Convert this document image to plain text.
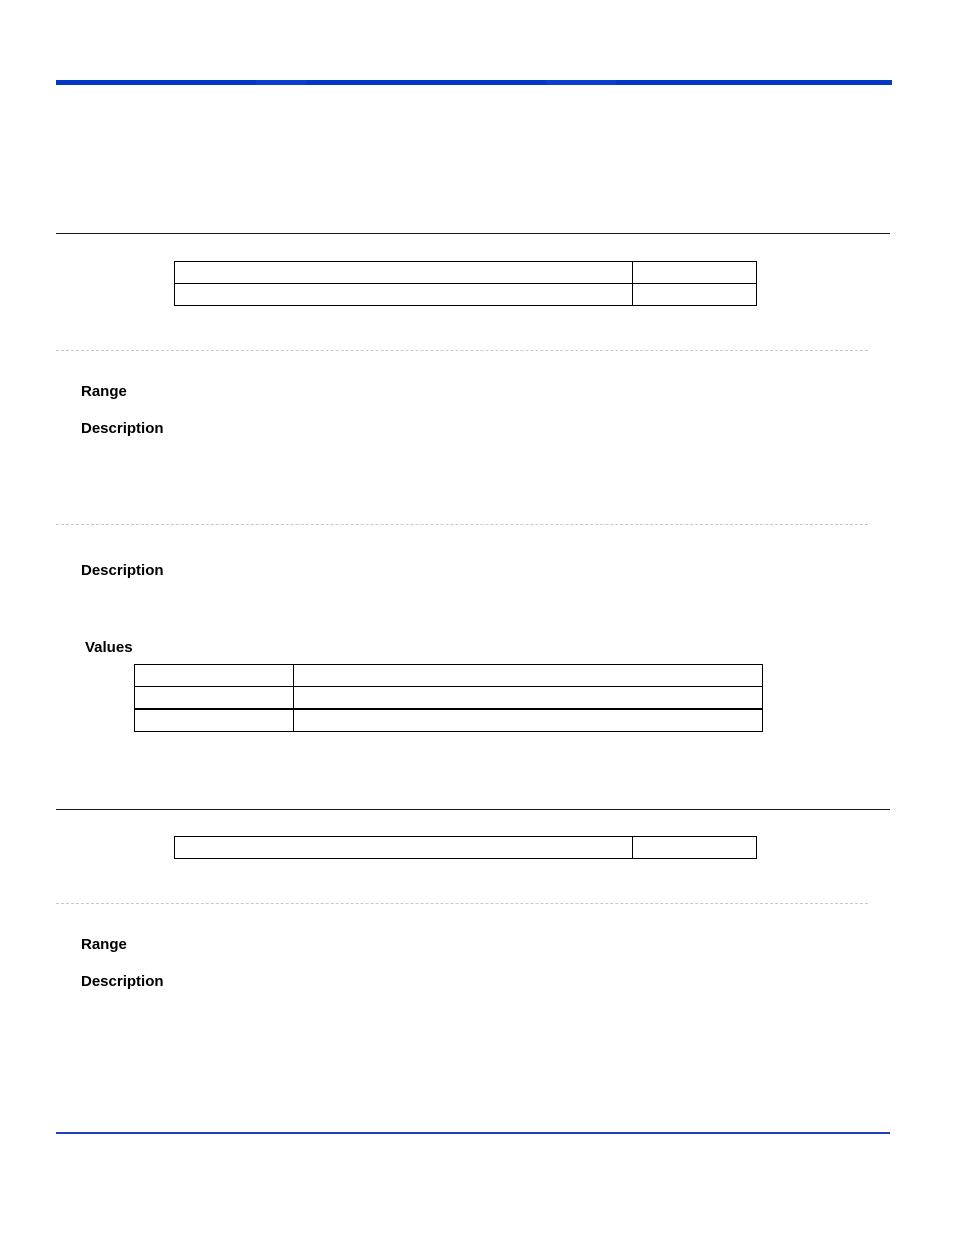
Range
Description
Description
Values

Range
Description
